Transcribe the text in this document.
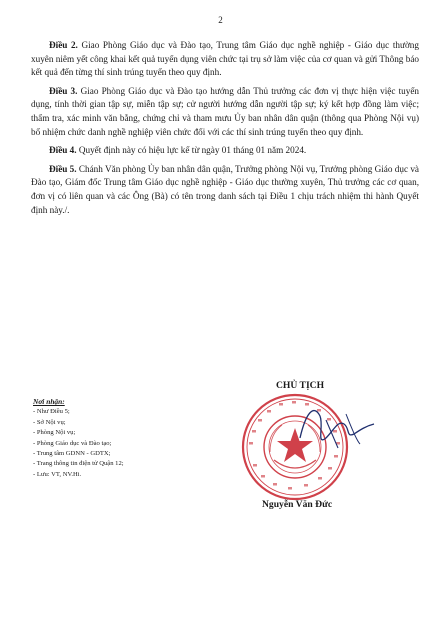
2

Điều 2. Giao Phòng Giáo dục và Đào tạo, Trung tâm Giáo dục nghề nghiệp - Giáo dục thường xuyên niêm yết công khai kết quả tuyển dụng viên chức tại trụ sở làm việc của cơ quan và gửi Thông báo kết quả đến từng thí sinh trúng tuyển theo quy định.

Điều 3. Giao Phòng Giáo dục và Đào tạo hướng dẫn Thủ trưởng các đơn vị thực hiện việc tuyển dụng, tính thời gian tập sự, miễn tập sự; cử người hướng dẫn người tập sự; ký kết hợp đồng làm việc; thẩm tra, xác minh văn bằng, chứng chỉ và tham mưu Ủy ban nhân dân quận (thông qua Phòng Nội vụ) bổ nhiệm chức danh nghề nghiệp viên chức đối với các thí sinh trúng tuyển theo quy định.

Điều 4. Quyết định này có hiệu lực kể từ ngày 01 tháng 01 năm 2024.

Điều 5. Chánh Văn phòng Ủy ban nhân dân quận, Trưởng phòng Nội vụ, Trưởng phòng Giáo dục và Đào tạo, Giám đốc Trung tâm Giáo dục nghề nghiệp - Giáo dục thường xuyên, Thủ trưởng các cơ quan, đơn vị có liên quan và các Ông (Bà) có tên trong danh sách tại Điều 1 chịu trách nhiệm thi hành Quyết định này./.

Nơi nhận:
- Như Điều 5;
- Sở Nội vụ;
- Phòng Nội vụ;
- Phòng Giáo dục và Đào tạo;
- Trung tâm GDNN - GDTX;
- Trang thông tin điện tử Quận 12;
- Lưu: VT, NV.Hi.
CHỦ TỊCH
Nguyễn Văn Đức
